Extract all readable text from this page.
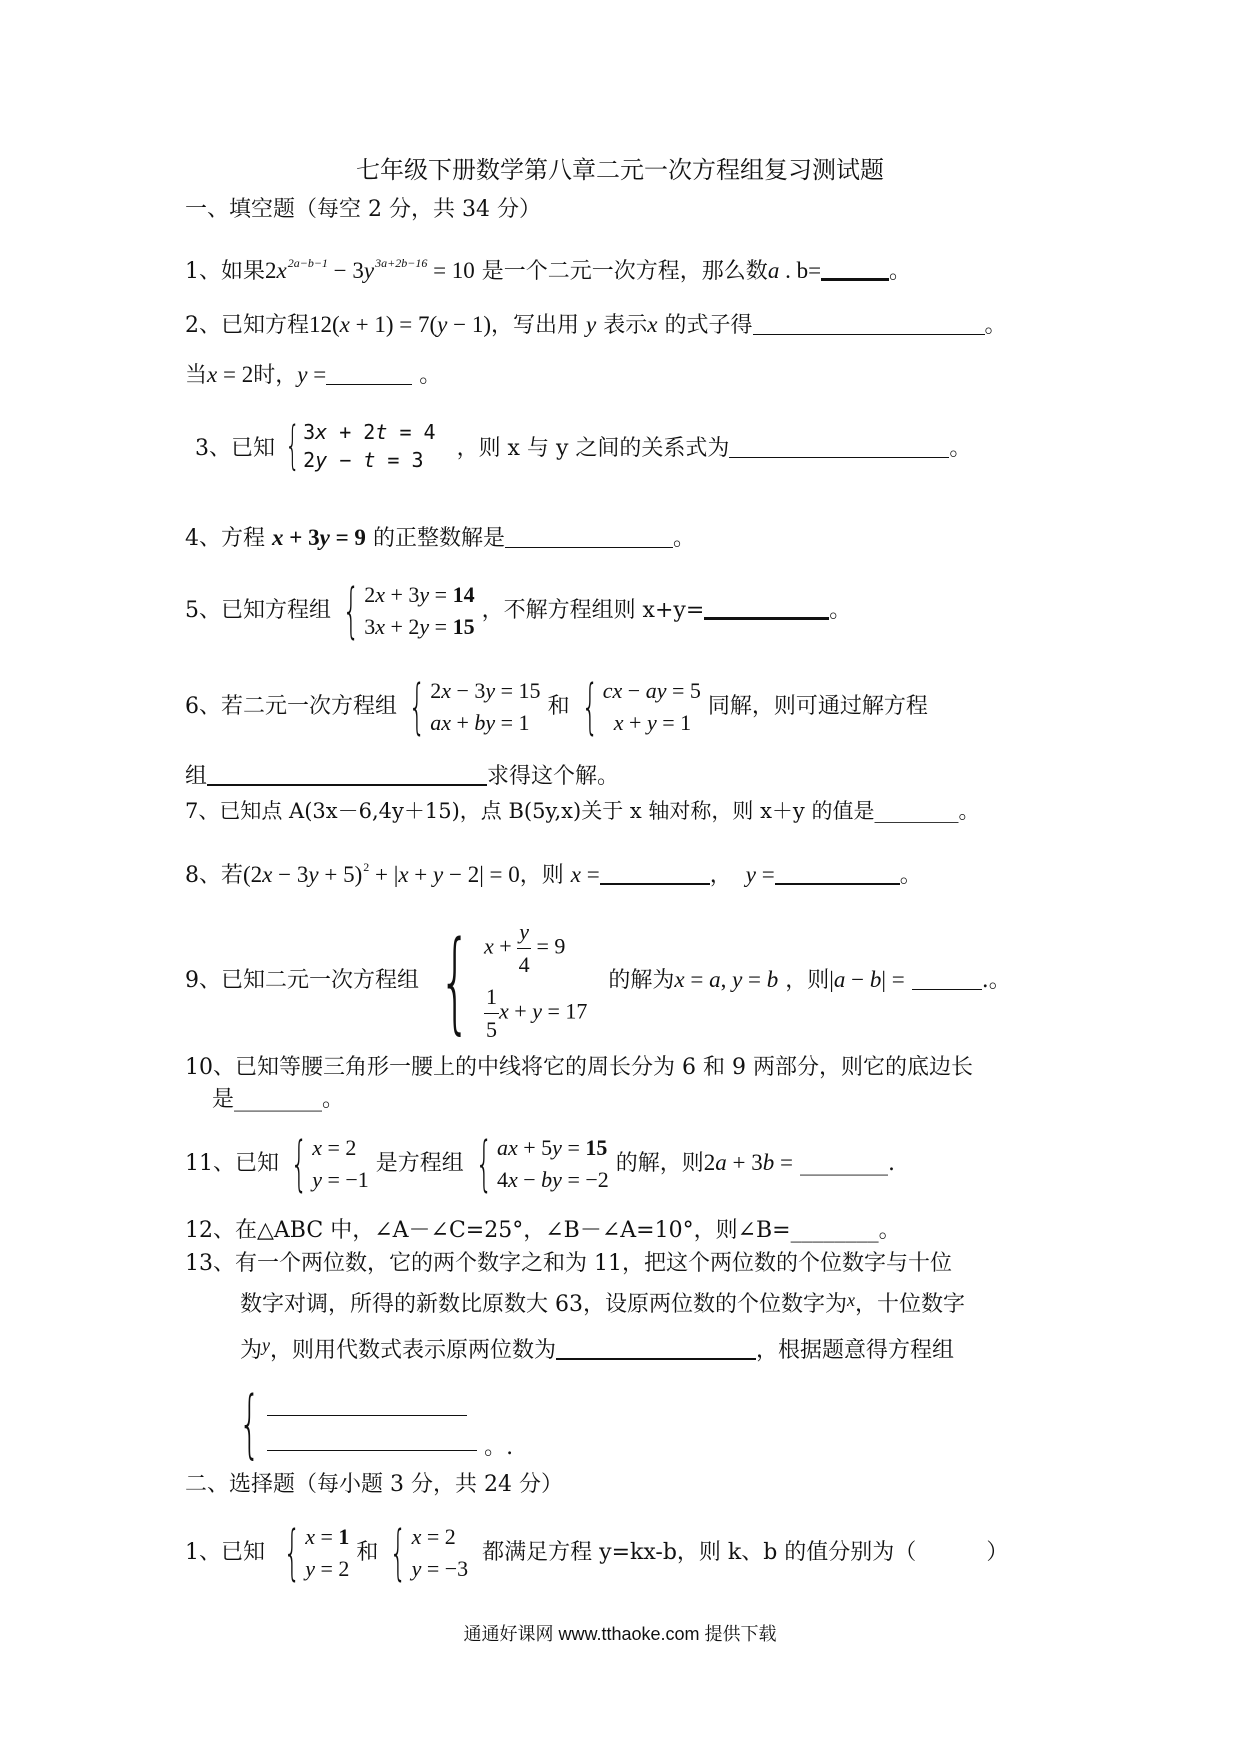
七年级下册数学第八章二元一次方程组复习测试题
一、填空题（每空 2 分，共 34 分）
1、如果$2x^{2a-b-1} - 3y^{3a+2b-16} = 10$ 是一个二元一次方程，那么数a . b=	。
2、已知方程12(x + 1) = 7(y − 1)，写出用 y 表示x 的式子得	。
当x = 2时，y =	。
3、已知 { 3x + 2t = 4
2y − t = 3	，则 x 与 y 之间的关系式为	。
4、方程 x + 3y = 9 的正整数解是	。
5、已知方程组 { 2x + 3y = 14
3x + 2y = 15
，不解方程组则 x+y=	。
6、若二元一次方程组 { 2x − 3y = 15
ax + by = 1
和 { cx − ay = 5
x + y = 1
同解，则可通过解方程
组	求得这个解。
7、已知点 A(3x－6,4y＋15)，点 B(5y,x)关于 x 轴对称，则 x＋y 的值是________。
8、若$(2x - 3y + 5)^2 + |x + y - 2| = 0$，则 x =	， y =	。
9、已知二元一次方程组 { $x + \frac{y}{4} = 9$
$\frac{1}{5}$ x + y = 17
的解为x = a, y = b ，则|a − b| =	.。
10、已知等腰三角形一腰上的中线将它的周长分为 6 和 9 两部分，则它的底边长
是________。
11、已知 { x = 2
y = −1
是方程组 { ax + 5y = 15
4x − by = −2
的解，则2a + 3b = ________.
12、在△ABC 中，∠A－∠C=25°，∠B－∠A=10°，则∠B=________。
13、有一个两位数，它的两个数字之和为 11，把这个两位数的个位数字与十位
数字对调，所得的新数比原数大 63，设原两位数的个位数字为$^x$，十位数字
为$^y$，则用代数式表示原两位数为	，根据题意得方程组
{	。.
二、选择题（每小题 3 分，共 24 分）
1、已知 { x = 1
y = 2
和 { x = 2
y = −3
都满足方程 y=kx-b，则 k、b 的值分别为（	）
通通好课网 www.tthaoke.com 提供下载
